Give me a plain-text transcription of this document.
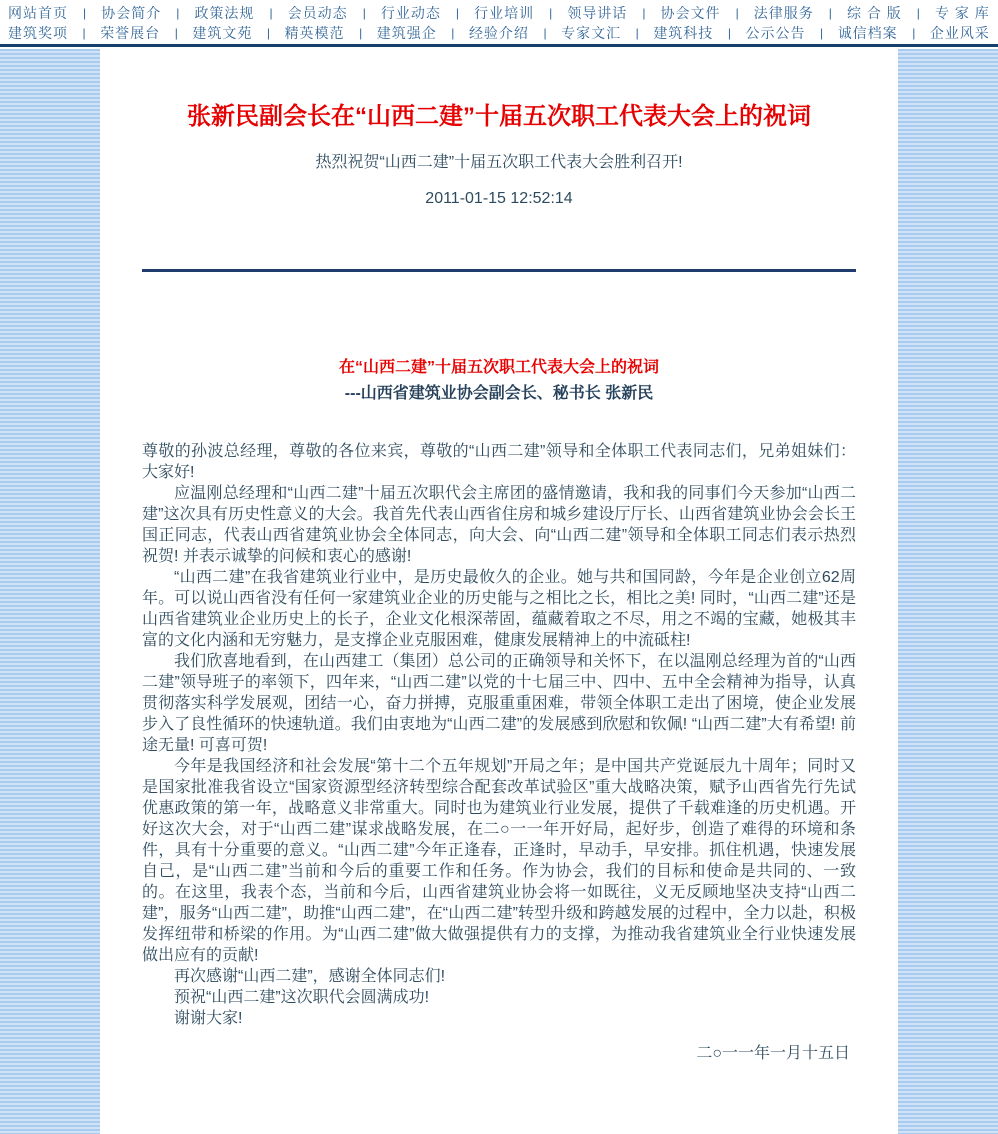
网站首页 | 协会简介 | 政策法规 | 会员动态 | 行业动态 | 行业培训 | 领导讲话 | 协会文件 | 法律服务 | 综 合 版 | 专 家 库
建筑奖项 | 荣誉展台 | 建筑文苑 | 精英模范 | 建筑强企 | 经验介绍 | 专家文汇 | 建筑科技 | 公示公告 | 诚信档案 | 企业风采
张新民副会长在“山西二建”十届五次职工代表大会上的祝词
热烈祝贺“山西二建”十届五次职工代表大会胜利召开!
2011-01-15 12:52:14
在“山西二建”十届五次职工代表大会上的祝词
---山西省建筑业协会副会长、秘书长 张新民

尊敬的孙波总经理，尊敬的各位来宾，尊敬的“山西二建”领导和全体职工代表同志们，兄弟姐妹们：大家好!

应温刚总经理和“山西二建”十届五次职代会主席团的盛情邀请，我和我的同事们今天参加“山西二建”这次具有历史性意义的大会。我首先代表山西省住房和城乡建设厅厅长、山西省建筑业协会会长王国正同志，代表山西省建筑业协会全体同志，向大会、向“山西二建”领导和全体职工同志们表示热烈祝贺! 并表示诚挚的问候和衷心的感谢!

“山西二建”在我省建筑业行业中，是历史最攸久的企业。她与共和国同龄，今年是企业创立62周年。可以说山西省没有任何一家建筑业企业的历史能与之相比之长，相比之美! 同时，“山西二建”还是山西省建筑业企业历史上的长子，企业文化根深蒂固，蕴藏着取之不尽，用之不竭的宝藏，她极其丰富的文化内涵和无穷魅力，是支撑企业克服困难，健康发展精神上的中流砥柱!

我们欣喜地看到，在山西建工（集团）总公司的正确领导和关怀下，在以温刚总经理为首的“山西二建”领导班子的率领下，四年来，“山西二建”以党的十七届三中、四中、五中全会精神为指导，认真贯彻落实科学发展观，团结一心，奋力拼搏，克服重重困难，带领全体职工走出了困境，使企业发展步入了良性循环的快速轨道。我们由衷地为“山西二建”的发展感到欣慰和钦佩! “山西二建”大有希望! 前途无量! 可喜可贺!

今年是我国经济和社会发展“第十二个五年规划”开局之年；是中国共产党诞辰九十周年；同时又是国家批准我省设立“国家资源型经济转型综合配套改革试验区”重大战略决策，赋予山西省先行先试优惠政策的第一年，战略意义非常重大。同时也为建筑业行业发展，提供了千载难逢的历史机遇。开好这次大会，对于“山西二建”谋求战略发展，在二○一一年开好局，起好步，创造了难得的环境和条件，具有十分重要的意义。“山西二建”今年正逢春，正逢时，早动手，早安排。抓住机遇，快速发展自己，是“山西二建”当前和今后的重要工作和任务。作为协会，我们的目标和使命是共同的、一致的。在这里，我表个态，当前和今后，山西省建筑业协会将一如既往，义无反顾地坚决支持“山西二建”，服务“山西二建”，助推“山西二建”，在“山西二建”转型升级和跨越发展的过程中，全力以赴，积极发挥纽带和桥梁的作用。为“山西二建”做大做强提供有力的支撑，为推动我省建筑业全行业快速发展做出应有的贡献!

再次感谢“山西二建”，感谢全体同志们!

预祝“山西二建”这次职代会圆满成功!

谢谢大家!

二○一一年一月十五日
